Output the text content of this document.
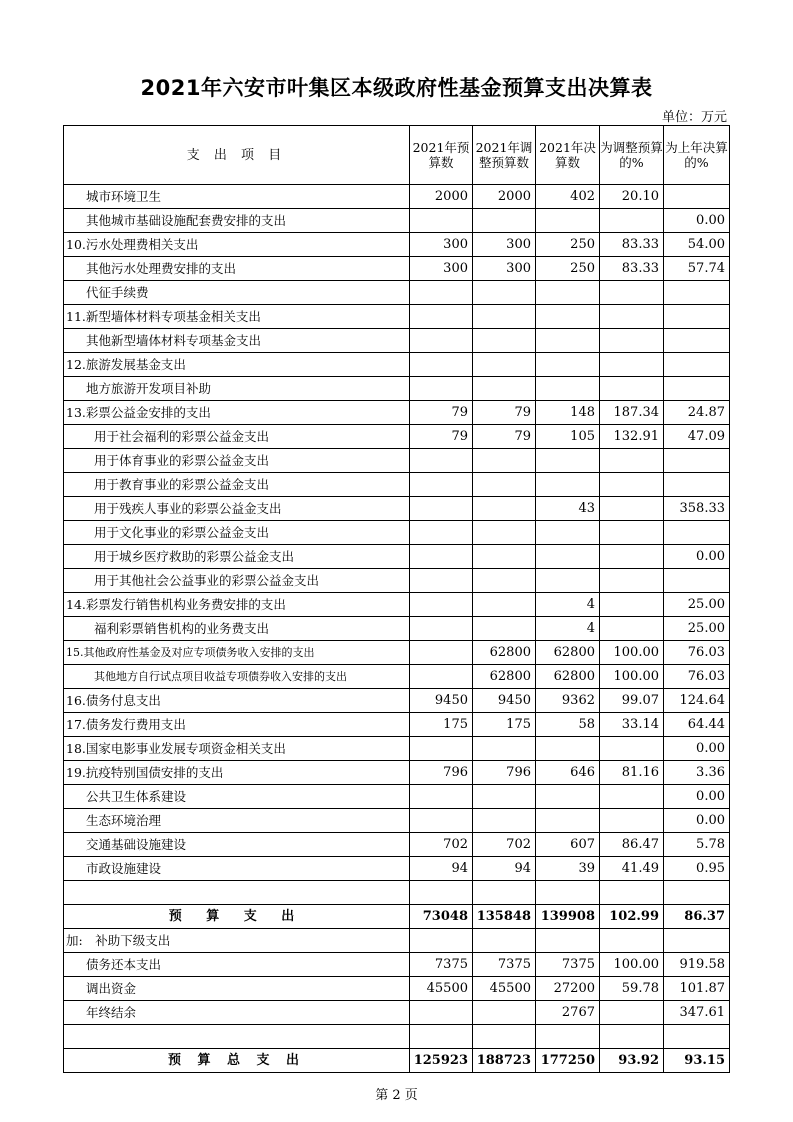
2021年六安市叶集区本级政府性基金预算支出决算表
单位：万元
支 出 项 目	2021年预算数	2021年调整预算数	2021年决算数	为调整预算的%	为上年决算的%
城市环境卫生	2000	2000	402	20.10	
其他城市基础设施配套费安排的支出					0.00
10.污水处理费相关支出	300	300	250	83.33	54.00
其他污水处理费安排的支出	300	300	250	83.33	57.74
代征手续费					
11.新型墙体材料专项基金相关支出					
其他新型墙体材料专项基金支出					
12.旅游发展基金支出					
地方旅游开发项目补助					
13.彩票公益金安排的支出	79	79	148	187.34	24.87
用于社会福利的彩票公益金支出	79	79	105	132.91	47.09
用于体育事业的彩票公益金支出					
用于教育事业的彩票公益金支出					
用于残疾人事业的彩票公益金支出			43		358.33
用于文化事业的彩票公益金支出					
用于城乡医疗救助的彩票公益金支出					0.00
用于其他社会公益事业的彩票公益金支出					
14.彩票发行销售机构业务费安排的支出			4		25.00
福利彩票销售机构的业务费支出			4		25.00
15.其他政府性基金及对应专项债务收入安排的支出		62800	62800	100.00	76.03
其他地方自行试点项目收益专项债券收入安排的支出		62800	62800	100.00	76.03
16.债务付息支出	9450	9450	9362	99.07	124.64
17.债务发行费用支出	175	175	58	33.14	64.44
18.国家电影事业发展专项资金相关支出					0.00
19.抗疫特别国债安排的支出	796	796	646	81.16	3.36
公共卫生体系建设					0.00
生态环境治理					0.00
交通基础设施建设	702	702	607	86.47	5.78
市政设施建设	94	94	39	41.49	0.95

预 算 支 出	73048	135848	139908	102.99	86.37
加:　补助下级支出					
债务还本支出	7375	7375	7375	100.00	919.58
调出资金	45500	45500	27200	59.78	101.87
年终结余			2767		347.61

预 算 总 支 出	125923	188723	177250	93.92	93.15
第 2 页
